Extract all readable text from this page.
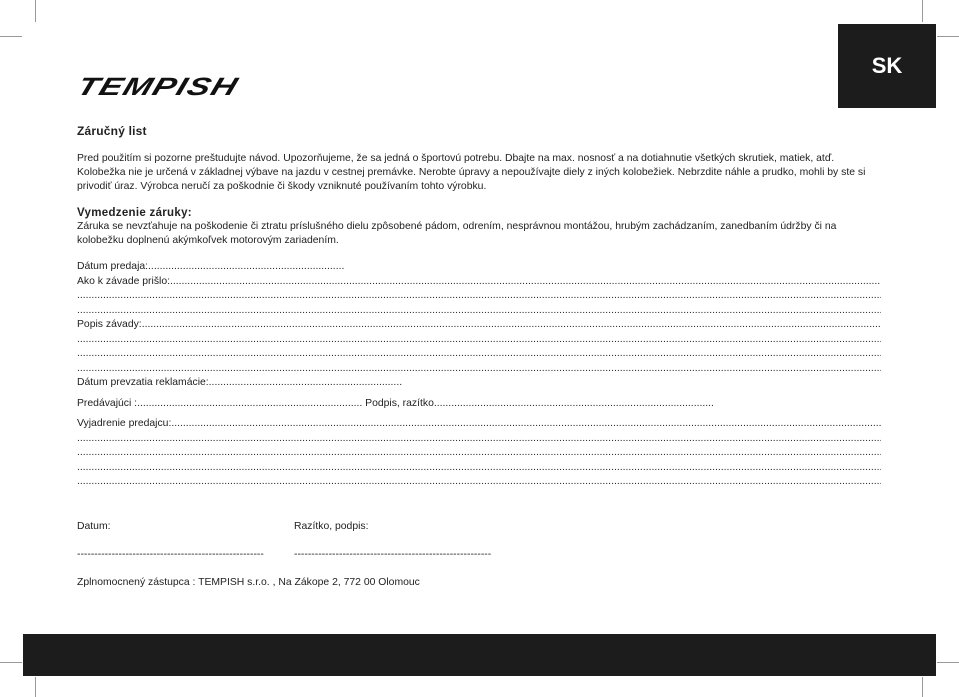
SK
TEMPISH
Záručný list

Pred použitím si pozorne preštudujte návod. Upozorňujeme, že sa jedná o športovú potrebu. Dbajte na max. nosnosť a na dotiahnutie všetkých skrutiek, matiek, atď. Kolobežka nie je určená v základnej výbave na jazdu v cestnej premávke. Nerobte úpravy a nepoužívajte diely z iných kolobežiek. Nebrzdite náhle a prudko, mohli by ste si privodiť úraz. Výrobca neručí za poškodnie či škody vzniknuté používaním tohto výrobku.

Vymedzenie záruky:

Záruka se nevzťahuje na poškodenie či ztratu príslušného dielu zpôsobené pádom, odrením, nesprávnou montážou, hrubým zachádzaním, zanedbaním údržby či na kolobežku doplnenú akýmkoľvek motorovým zariadením.

Dátum predaja:....................................................................
Ako k závade prišlo: .....
.....
.....
Popis závady: .....
.....
.....
.....
Dátum prevzatia reklamácie:...................................................................
Predávajúci :.............................................................................. Podpis, razítko.................................................................................................
Vyjadrenie predajcu: .....
.....
.....
.....
.....
Datum:	Razítko, podpis:
------------------------------------------------------	---------------------------------------------------------
Zplnomocnený zástupca : TEMPISH s.r.o. , Na Zákope 2, 772 00 Olomouc
